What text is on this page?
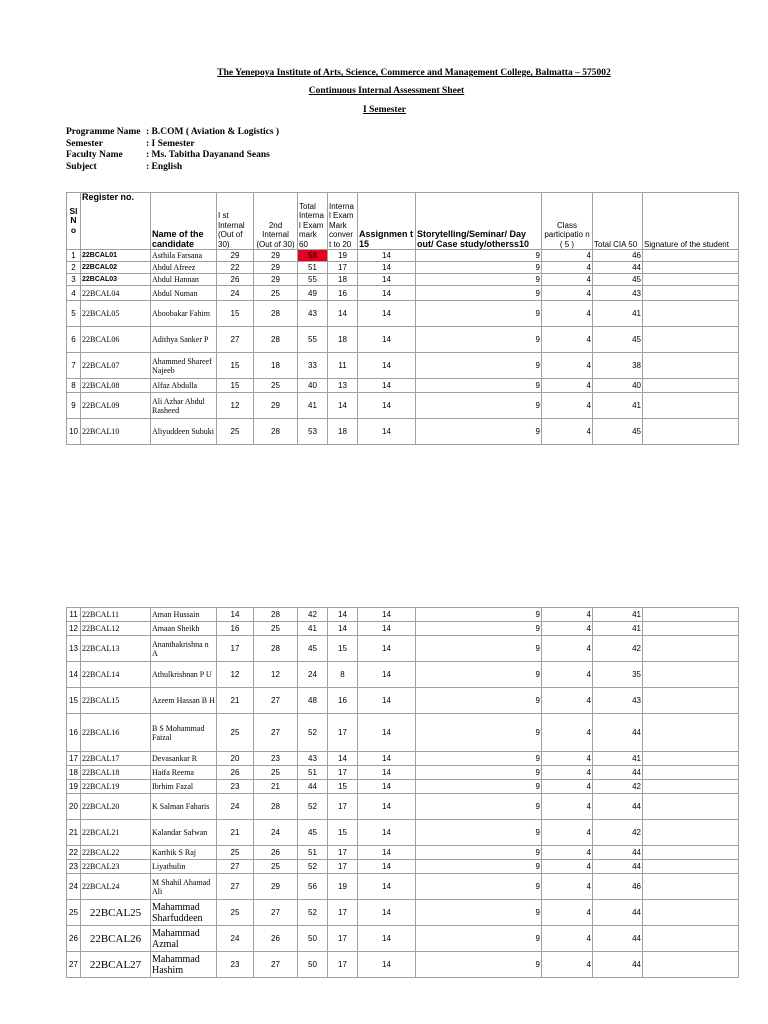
The Yenepoya Institute of Arts, Science, Commerce and Management College, Balmatta – 575002
Continuous Internal Assessment Sheet
I Semester
Programme Name :
B.COM ( Aviation & Logistics )
Semester	:
I Semester
Faculty Name	:
Ms. Tabitha Dayanand Seans
Subject	:
English
Sl N o	Register no.	Name of the candidate	I st Internal (Out of 30)	2nd Internal (Out of 30)	Total Interna l Exam mark 60	Interna l Exam Mark conver t to 20	Assignmen t 15	Storytelling/Seminar/ Day out/ Case study/otherss10	Class participatio n ( 5 )	Total CIA 50	Signature of the student
1	22BCAL01	Asthila Farsana	29	29	58	19	14	9	4	46	
2	22BCAL02	Abdul Afreez	22	29	51	17	14	9	4	44	
3	22BCAL03	Abdul Hannan	26	29	55	18	14	9	4	45	
4	22BCAL04	Abdul Numan	24	25	49	16	14	9	4	43	
5	22BCAL05	Aboobakar Fahim	15	28	43	14	14	9	4	41	
6	22BCAL06	Adithya Sanker P	27	28	55	18	14	9	4	45	
7	22BCAL07	Ahammed Shareef Najeeb	15	18	33	11	14	9	4	38	
8	22BCAL08	Alfaz Abdulla	15	25	40	13	14	9	4	40	
9	22BCAL09	Ali Azhar Abdul Rasheed	12	29	41	14	14	9	4	41	
10	22BCAL10	Aliyuddeen Subuki	25	28	53	18	14	9	4	45	
11	22BCAL11	Aman Hussain	14	28	42	14	14	9	4	41	
12	22BCAL12	Amaan Sheikh	16	25	41	14	14	9	4	41	
13	22BCAL13	Ananthakrishna n A	17	28	45	15	14	9	4	42	
14	22BCAL14	Athulkrishnan P U	12	12	24	8	14	9	4	35	
15	22BCAL15	Azeem Hassan B H	21	27	48	16	14	9	4	43	
16	22BCAL16	B S Mohammad Faizal	25	27	52	17	14	9	4	44	
17	22BCAL17	Devasankar R	20	23	43	14	14	9	4	41	
18	22BCAL18	Haifa Reema	26	25	51	17	14	9	4	44	
19	22BCAL19	Ibrhim Fazal	23	21	44	15	14	9	4	42	
20	22BCAL20	K Salman Faharis	24	28	52	17	14	9	4	44	
21	22BCAL21	Kalandar Safwan	21	24	45	15	14	9	4	42	
22	22BCAL22	Karthik S Raj	25	26	51	17	14	9	4	44	
23	22BCAL23	Liyathulin	27	25	52	17	14	9	4	44	
24	22BCAL24	M Shahil Ahamad Ali	27	29	56	19	14	9	4	46	
25	22BCAL25	Mahammad Sharfuddeen	25	27	52	17	14	9	4	44	
26	22BCAL26	Mahammad Azmal	24	26	50	17	14	9	4	44	
27	22BCAL27	Mahammad Hashim	23	27	50	17	14	9	4	44	
